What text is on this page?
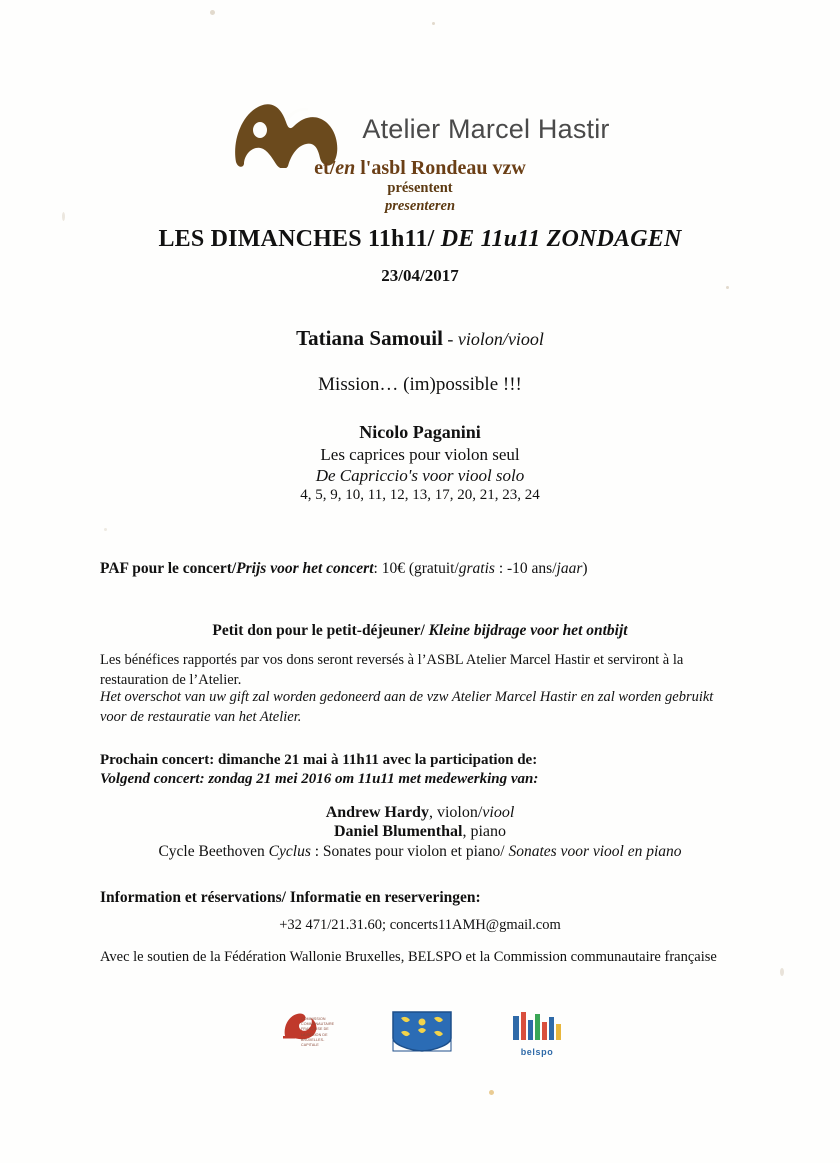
Atelier Marcel Hastir
et/en l'asbl Rondeau vzw
présentent
presenteren
LES DIMANCHES 11h11/ DE 11u11 ZONDAGEN
23/04/2017
Tatiana Samouil - violon/viool
Mission… (im)possible !!!
Nicolo Paganini
Les caprices pour violon seul
De Capriccio's voor viool solo
4, 5, 9, 10, 11, 12, 13, 17, 20, 21, 23, 24
PAF pour le concert/Prijs voor het concert: 10€ (gratuit/gratis : -10 ans/jaar)
Petit don pour le petit-déjeuner/ Kleine bijdrage voor het ontbijt
Les bénéfices rapportés par vos dons seront reversés à l’ASBL Atelier Marcel Hastir et serviront à la restauration de l’Atelier.
Het overschot van uw gift zal worden gedoneerd aan de vzw Atelier Marcel Hastir en zal worden gebruikt voor de restauratie van het Atelier.
Prochain concert: dimanche 21 mai à 11h11 avec la participation de:
Volgend concert: zondag 21 mei 2016 om 11u11 met medewerking van:
Andrew Hardy, violon/viool
Daniel Blumenthal, piano
Cycle Beethoven Cyclus : Sonates pour violon et piano/ Sonates voor viool en piano
Information et réservations/ Informatie en reserveringen:
+32 471/21.31.60; concerts11AMH@gmail.com
Avec le soutien de la Fédération Wallonie Bruxelles, BELSPO et la Commission communautaire française
COMMISSION COMMUNAUTAIRE FRANÇAISE DE LA RÉGION DE BRUXELLES-CAPITALE
belspo
